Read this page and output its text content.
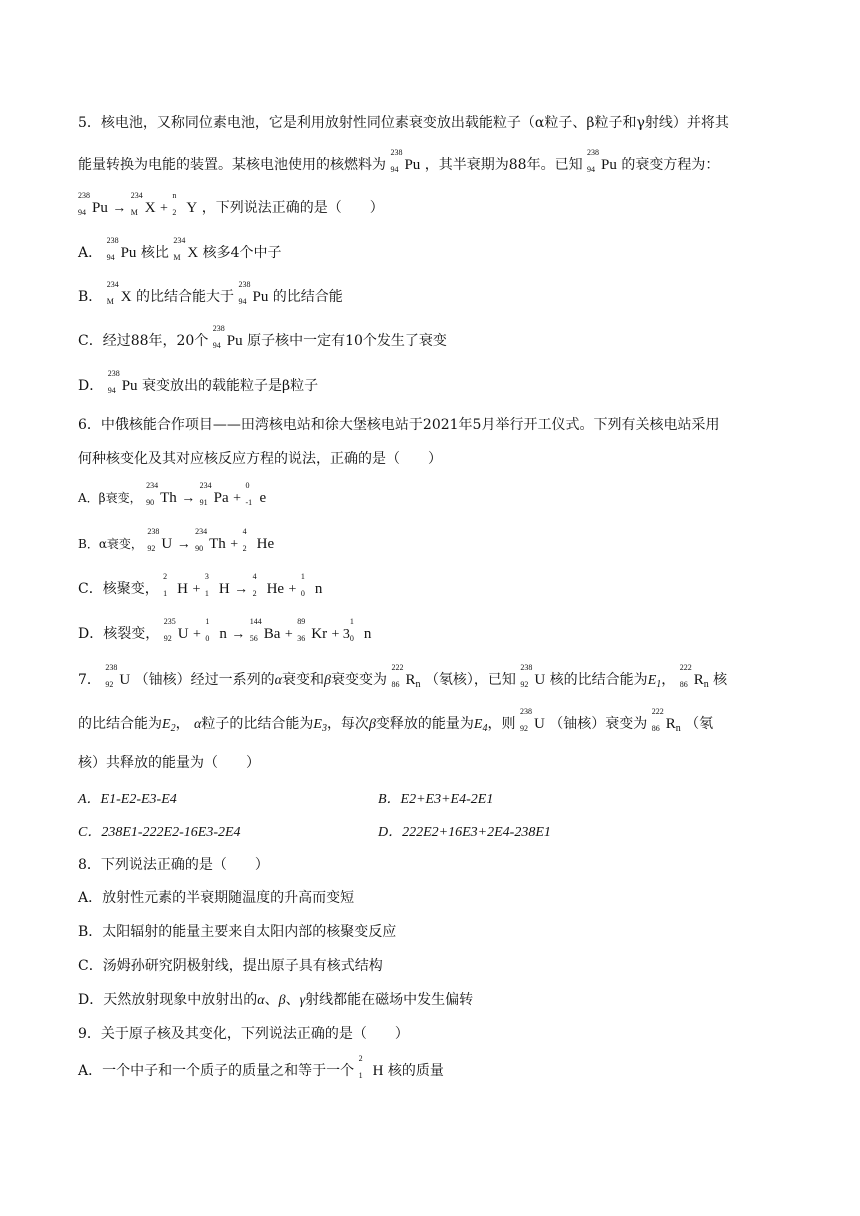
5．核电池，又称同位素电池，它是利用放射性同位素衰变放出载能粒子（α粒子、β粒子和γ射线）并将其
能量转换为电能的装置。某核电池使用的核燃料为
238
94 Pu ，其半衰期为88年。已知
238
94 Pu 的衰变方程为：
238
94 Pu →
234
M X +
n
2 Y ，下列说法正确的是（　　）
A．
238
94 Pu 核比
234
M X 核多4个中子
B．
234
M X 的比结合能大于
238
94 Pu 的比结合能
C．经过88年，20个
238
94 Pu 原子核中一定有10个发生了衰变
D．
238
94 Pu 衰变放出的载能粒子是β粒子
6．中俄核能合作项目——田湾核电站和徐大堡核电站于2021年5月举行开工仪式。下列有关核电站采用
何种核变化及其对应核反应方程的说法，正确的是（　　）
A．β衰变，
234
90 Th →
234
91 Pa +
0
-1 e
B．α衰变，
238
92 U →
234
90 Th +
4
2 He
C．核聚变，
2
1 H +
3
1 H →
4
2 He +
1
0 n
D．核裂变，
235
92 U +
1
0 n →
144
56 Ba +
89
36 Kr + 3
1
0 n
7．
238
92 U （铀核）经过一系列的α衰变和β衰变变为
222
86 $R_n$ （氡核），已知
238
92 U 核的比结合能为$E_1$，
222
86 $R_n$ 核
的比结合能为$E_2$， α粒子的比结合能为$E_3$，每次β变释放的能量为$E_4$，则
238
92 U （铀核）衰变为
222
86 $R_n$ （氡
核）共释放的能量为（　　）
A．E1-E2-E3-E4	B．E2+E3+E4-2E1
C．238E1-222E2-16E3-2E4	D．222E2+16E3+2E4-238E1
8．下列说法正确的是（　　）
A．放射性元素的半衰期随温度的升高而变短
B．太阳辐射的能量主要来自太阳内部的核聚变反应
C．汤姆孙研究阴极射线，提出原子具有核式结构
D．天然放射现象中放射出的α、β、γ射线都能在磁场中发生偏转
9．关于原子核及其变化，下列说法正确的是（　　）
A．一个中子和一个质子的质量之和等于一个
2
1 H 核的质量
